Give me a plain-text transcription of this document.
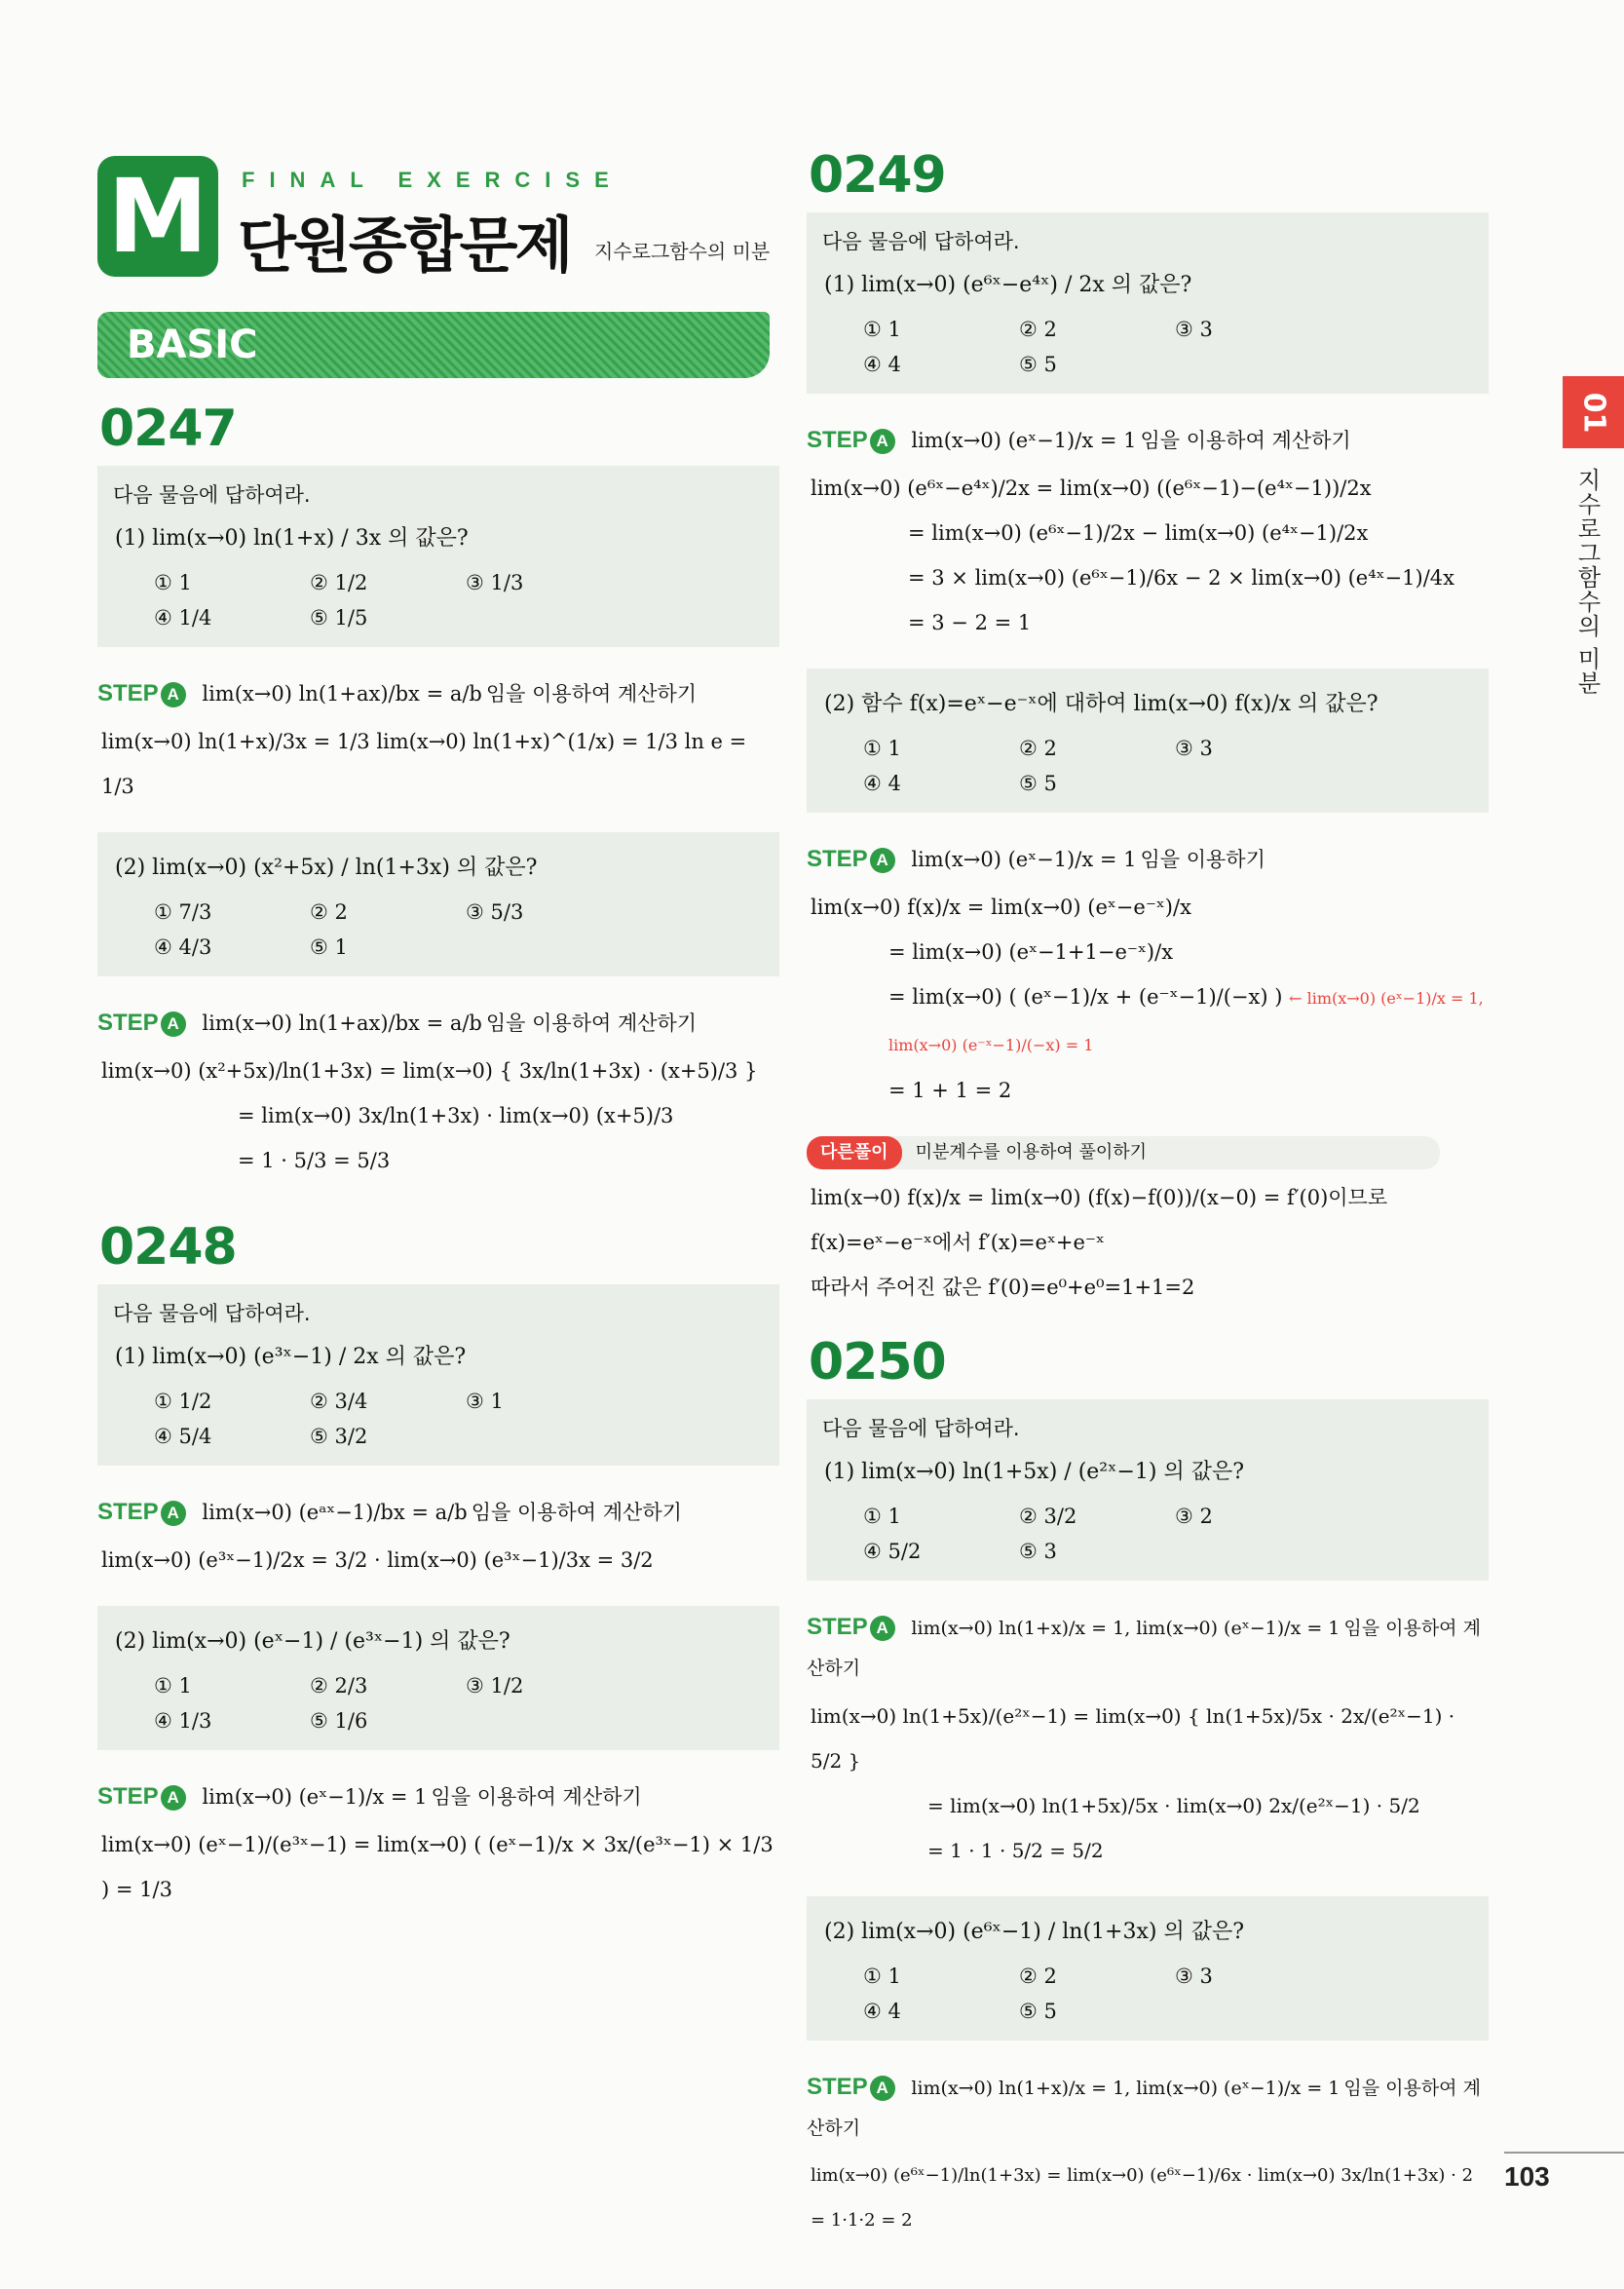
01
지수로그함수의 미분
103
M	FINAL EXERCISE
단원종합문제 지수로그함수의 미분
BASIC
0247
다음 물음에 답하여라.
(1) lim(x→0) ln(1+x) / 3x 의 값은?
① 1	② 1/2	③ 1/3
④ 1/4	⑤ 1/5
STEP A lim(x→0) ln(1+ax)/bx = a/b 임을 이용하여 계산하기
lim(x→0) ln(1+x)/3x = 1/3 lim(x→0) ln(1+x)^(1/x) = 1/3 ln e = 1/3
(2) lim(x→0) (x²+5x) / ln(1+3x) 의 값은?
① 7/3	② 2	③ 5/3
④ 4/3	⑤ 1
STEP A lim(x→0) ln(1+ax)/bx = a/b 임을 이용하여 계산하기
lim(x→0) (x²+5x)/ln(1+3x) = lim(x→0) { 3x/ln(1+3x) · (x+5)/3 }
= lim(x→0) 3x/ln(1+3x) · lim(x→0) (x+5)/3
= 1 · 5/3 = 5/3
0248
다음 물음에 답하여라.
(1) lim(x→0) (e³ˣ−1) / 2x 의 값은?
① 1/2	② 3/4	③ 1
④ 5/4	⑤ 3/2
STEP A lim(x→0) (eᵃˣ−1)/bx = a/b 임을 이용하여 계산하기
lim(x→0) (e³ˣ−1)/2x = 3/2 · lim(x→0) (e³ˣ−1)/3x = 3/2
(2) lim(x→0) (eˣ−1) / (e³ˣ−1) 의 값은?
① 1	② 2/3	③ 1/2
④ 1/3	⑤ 1/6
STEP A lim(x→0) (eˣ−1)/x = 1 임을 이용하여 계산하기
lim(x→0) (eˣ−1)/(e³ˣ−1) = lim(x→0) ( (eˣ−1)/x × 3x/(e³ˣ−1) × 1/3 ) = 1/3
0249
다음 물음에 답하여라.
(1) lim(x→0) (e⁶ˣ−e⁴ˣ) / 2x 의 값은?
① 1	② 2	③ 3
④ 4	⑤ 5
STEP A lim(x→0) (eˣ−1)/x = 1 임을 이용하여 계산하기
lim(x→0) (e⁶ˣ−e⁴ˣ)/2x = lim(x→0) ((e⁶ˣ−1)−(e⁴ˣ−1))/2x
= lim(x→0) (e⁶ˣ−1)/2x − lim(x→0) (e⁴ˣ−1)/2x
= 3 × lim(x→0) (e⁶ˣ−1)/6x − 2 × lim(x→0) (e⁴ˣ−1)/4x
= 3 − 2 = 1
(2) 함수 f(x)=eˣ−e⁻ˣ에 대하여 lim(x→0) f(x)/x 의 값은?
① 1	② 2	③ 3
④ 4	⑤ 5
STEP A lim(x→0) (eˣ−1)/x = 1 임을 이용하기
lim(x→0) f(x)/x = lim(x→0) (eˣ−e⁻ˣ)/x
= lim(x→0) (eˣ−1+1−e⁻ˣ)/x
= lim(x→0) ( (eˣ−1)/x + (e⁻ˣ−1)/(−x) ) ← lim(x→0) (eˣ−1)/x = 1, lim(x→0) (e⁻ˣ−1)/(−x) = 1
= 1 + 1 = 2
다른풀이 미분계수를 이용하여 풀이하기
lim(x→0) f(x)/x = lim(x→0) (f(x)−f(0))/(x−0) = f′(0)이므로
f(x)=eˣ−e⁻ˣ에서 f′(x)=eˣ+e⁻ˣ
따라서 주어진 값은 f′(0)=e⁰+e⁰=1+1=2
0250
다음 물음에 답하여라.
(1) lim(x→0) ln(1+5x) / (e²ˣ−1) 의 값은?
① 1	② 3/2	③ 2
④ 5/2	⑤ 3
STEP A lim(x→0) ln(1+x)/x = 1, lim(x→0) (eˣ−1)/x = 1 임을 이용하여 계산하기
lim(x→0) ln(1+5x)/(e²ˣ−1) = lim(x→0) { ln(1+5x)/5x · 2x/(e²ˣ−1) · 5/2 }
= lim(x→0) ln(1+5x)/5x · lim(x→0) 2x/(e²ˣ−1) · 5/2
= 1 · 1 · 5/2 = 5/2
(2) lim(x→0) (e⁶ˣ−1) / ln(1+3x) 의 값은?
① 1	② 2	③ 3
④ 4	⑤ 5
STEP A lim(x→0) ln(1+x)/x = 1, lim(x→0) (eˣ−1)/x = 1 임을 이용하여 계산하기
lim(x→0) (e⁶ˣ−1)/ln(1+3x) = lim(x→0) (e⁶ˣ−1)/6x · lim(x→0) 3x/ln(1+3x) · 2 = 1·1·2 = 2
